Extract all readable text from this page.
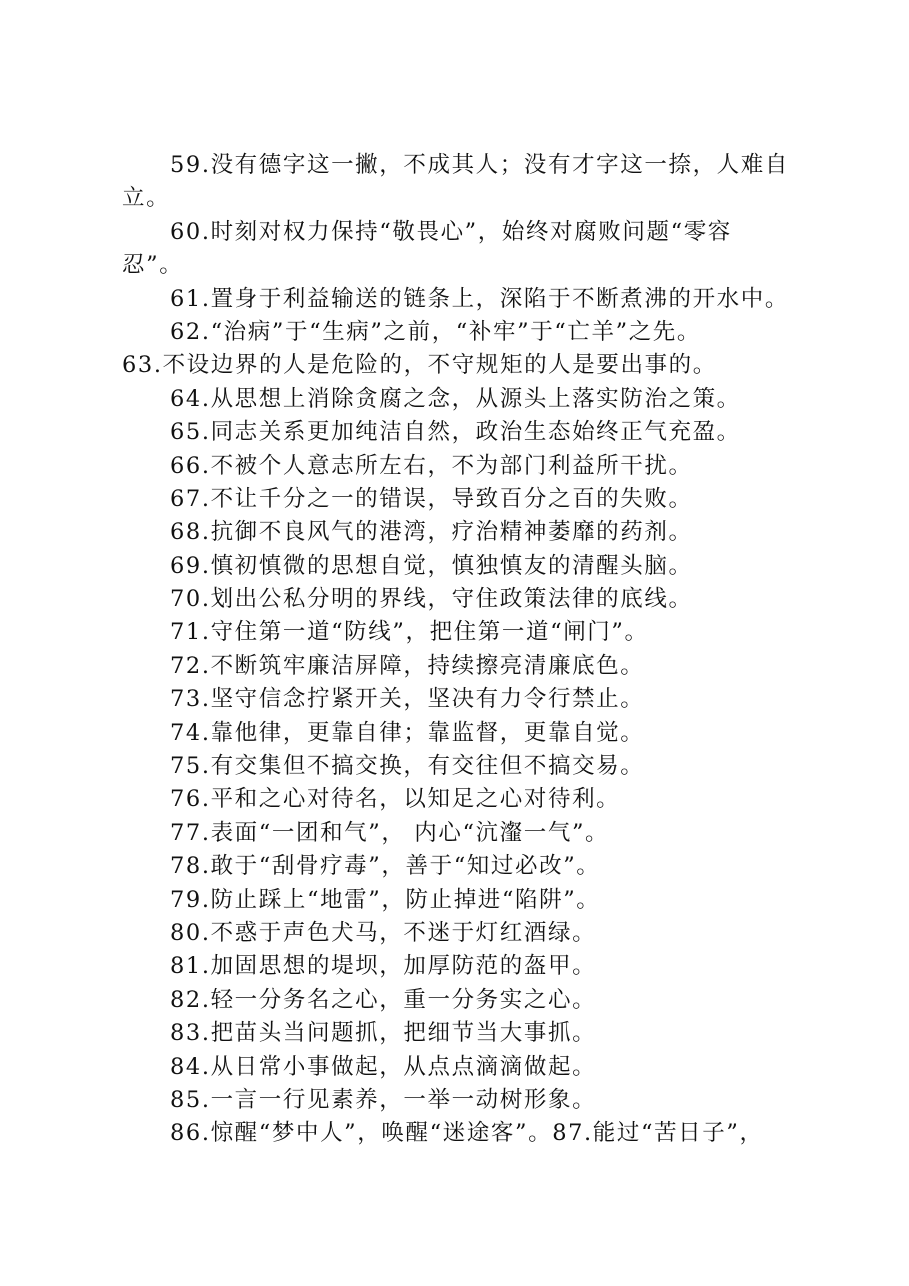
59.没有德字这一撇，不成其人；没有才字这一捺，人难自
立。
60.时刻对权力保持“敬畏心”，始终对腐败问题“零容
忍”。
61.置身于利益输送的链条上，深陷于不断煮沸的开水中。
62.“治病”于“生病”之前，“补牢”于“亡羊”之先。
63.不设边界的人是危险的，不守规矩的人是要出事的。
64.从思想上消除贪腐之念，从源头上落实防治之策。
65.同志关系更加纯洁自然，政治生态始终正气充盈。
66.不被个人意志所左右，不为部门利益所干扰。
67.不让千分之一的错误，导致百分之百的失败。
68.抗御不良风气的港湾，疗治精神萎靡的药剂。
69.慎初慎微的思想自觉，慎独慎友的清醒头脑。
70.划出公私分明的界线，守住政策法律的底线。
71.守住第一道“防线”，把住第一道“闸门”。
72.不断筑牢廉洁屏障，持续擦亮清廉底色。
73.坚守信念拧紧开关，坚决有力令行禁止。
74.靠他律，更靠自律；靠监督，更靠自觉。
75.有交集但不搞交换，有交往但不搞交易。
76.平和之心对待名，以知足之心对待利。
77.表面“一团和气”， 内心“沆瀣一气”。
78.敢于“刮骨疗毒”，善于“知过必改”。
79.防止踩上“地雷”，防止掉进“陷阱”。
80.不惑于声色犬马，不迷于灯红酒绿。
81.加固思想的堤坝，加厚防范的盔甲。
82.轻一分务名之心，重一分务实之心。
83.把苗头当问题抓，把细节当大事抓。
84.从日常小事做起，从点点滴滴做起。
85.一言一行见素养，一举一动树形象。
86.惊醒“梦中人”，唤醒“迷途客”。87.能过“苦日子”，
